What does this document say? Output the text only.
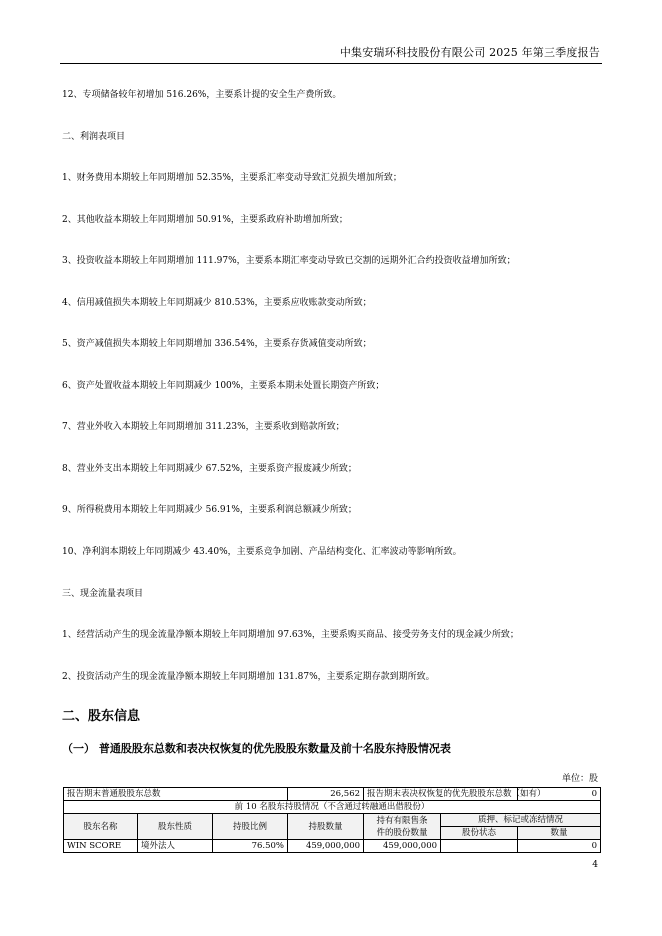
中集安瑞环科技股份有限公司 2025 年第三季度报告
12、专项储备较年初增加 516.26%，主要系计提的安全生产费所致。
二、利润表项目
1、财务费用本期较上年同期增加 52.35%，主要系汇率变动导致汇兑损失增加所致；
2、其他收益本期较上年同期增加 50.91%，主要系政府补助增加所致；
3、投资收益本期较上年同期增加 111.97%，主要系本期汇率变动导致已交割的远期外汇合约投资收益增加所致；
4、信用减值损失本期较上年同期减少 810.53%，主要系应收账款变动所致；
5、资产减值损失本期较上年同期增加 336.54%，主要系存货减值变动所致；
6、资产处置收益本期较上年同期减少 100%，主要系本期未处置长期资产所致；
7、营业外收入本期较上年同期增加 311.23%，主要系收到赔款所致；
8、营业外支出本期较上年同期减少 67.52%，主要系资产报废减少所致；
9、所得税费用本期较上年同期减少 56.91%，主要系利润总额减少所致；
10、净利润本期较上年同期减少 43.40%，主要系竞争加剧、产品结构变化、汇率波动等影响所致。
三、现金流量表项目
1、经营活动产生的现金流量净额本期较上年同期增加 97.63%，主要系购买商品、接受劳务支付的现金减少所致；
2、投资活动产生的现金流量净额本期较上年同期增加 131.87%，主要系定期存款到期所致。
二、股东信息
（一） 普通股股东总数和表决权恢复的优先股股东数量及前十名股东持股情况表
单位：股
报告期末普通股股东总数			26,562	报告期末表决权恢复的优先股股东总数（如有）		0
前 10 名股东持股情况（不含通过转融通出借股份）						
股东名称	股东性质	持股比例	持股数量	持有有限售条
件的股份数量	质押、标记或冻结情况	
					股份状态	数量
WIN SCORE	境外法人	76.50%	459,000,000	459,000,000		0
4
